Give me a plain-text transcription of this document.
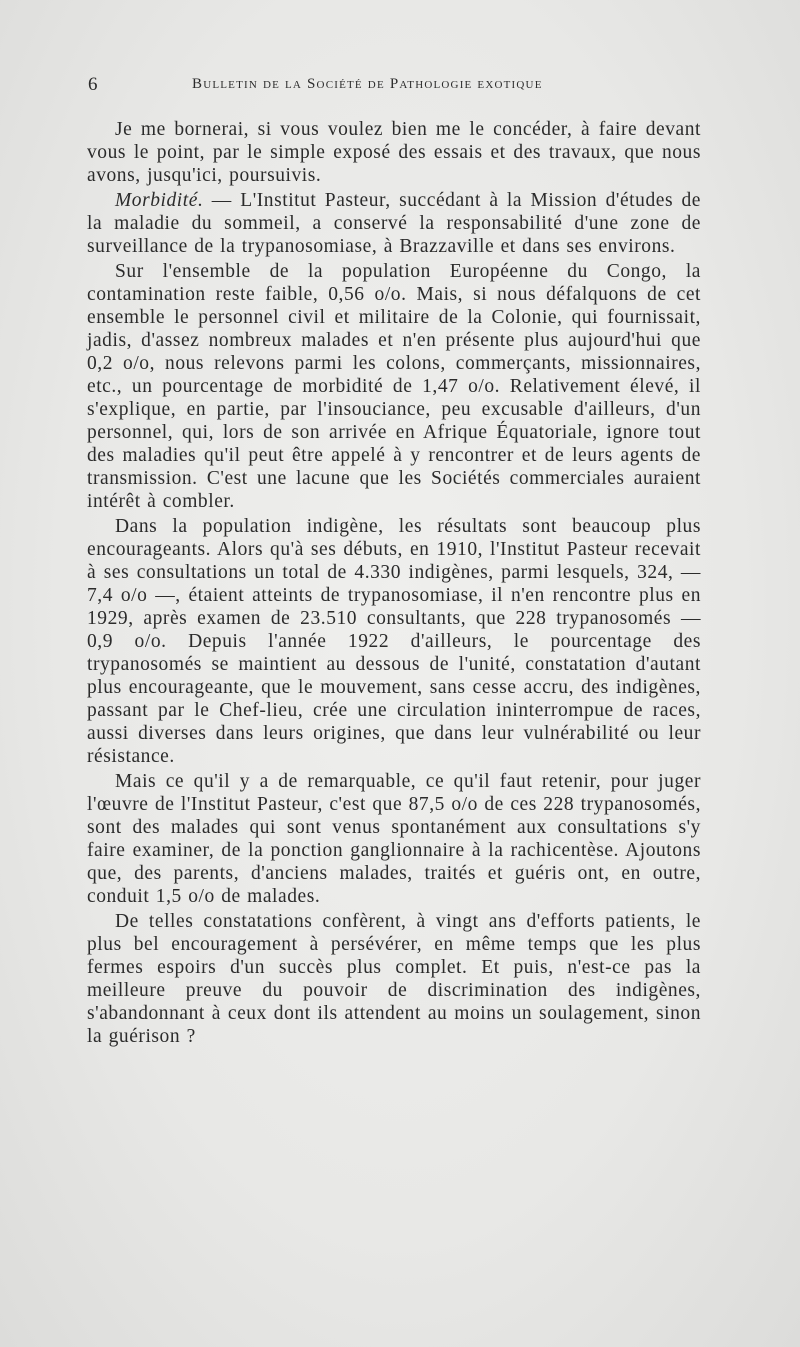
6	Bulletin de la Société de Pathologie exotique

Je me bornerai, si vous voulez bien me le concéder, à faire devant vous le point, par le simple exposé des essais et des travaux, que nous avons, jusqu'ici, poursuivis.

Morbidité. — L'Institut Pasteur, succédant à la Mission d'études de la maladie du sommeil, a conservé la responsabilité d'une zone de surveillance de la trypanosomiase, à Brazzaville et dans ses environs.

Sur l'ensemble de la population Européenne du Congo, la contamination reste faible, 0,56 o/o. Mais, si nous défalquons de cet ensemble le personnel civil et militaire de la Colonie, qui fournissait, jadis, d'assez nombreux malades et n'en présente plus aujourd'hui que 0,2 o/o, nous relevons parmi les colons, commerçants, missionnaires, etc., un pourcentage de morbidité de 1,47 o/o. Relativement élevé, il s'explique, en partie, par l'insouciance, peu excusable d'ailleurs, d'un personnel, qui, lors de son arrivée en Afrique Équatoriale, ignore tout des maladies qu'il peut être appelé à y rencontrer et de leurs agents de transmission. C'est une lacune que les Sociétés commerciales auraient intérêt à combler.

Dans la population indigène, les résultats sont beaucoup plus encourageants. Alors qu'à ses débuts, en 1910, l'Institut Pasteur recevait à ses consultations un total de 4.330 indigènes, parmi lesquels, 324, — 7,4 o/o —, étaient atteints de trypanosomiase, il n'en rencontre plus en 1929, après examen de 23.510 consultants, que 228 trypanosomés — 0,9 o/o. Depuis l'année 1922 d'ailleurs, le pourcentage des trypanosomés se maintient au dessous de l'unité, constatation d'autant plus encourageante, que le mouvement, sans cesse accru, des indigènes, passant par le Chef-lieu, crée une circulation ininterrompue de races, aussi diverses dans leurs origines, que dans leur vulnérabilité ou leur résistance.

Mais ce qu'il y a de remarquable, ce qu'il faut retenir, pour juger l'œuvre de l'Institut Pasteur, c'est que 87,5 o/o de ces 228 trypanosomés, sont des malades qui sont venus spontanément aux consultations s'y faire examiner, de la ponction ganglionnaire à la rachicentèse. Ajoutons que, des parents, d'anciens malades, traités et guéris ont, en outre, conduit 1,5 o/o de malades.

De telles constatations confèrent, à vingt ans d'efforts patients, le plus bel encouragement à persévérer, en même temps que les plus fermes espoirs d'un succès plus complet. Et puis, n'est-ce pas la meilleure preuve du pouvoir de discrimination des indigènes, s'abandonnant à ceux dont ils attendent au moins un soulagement, sinon la guérison ?
